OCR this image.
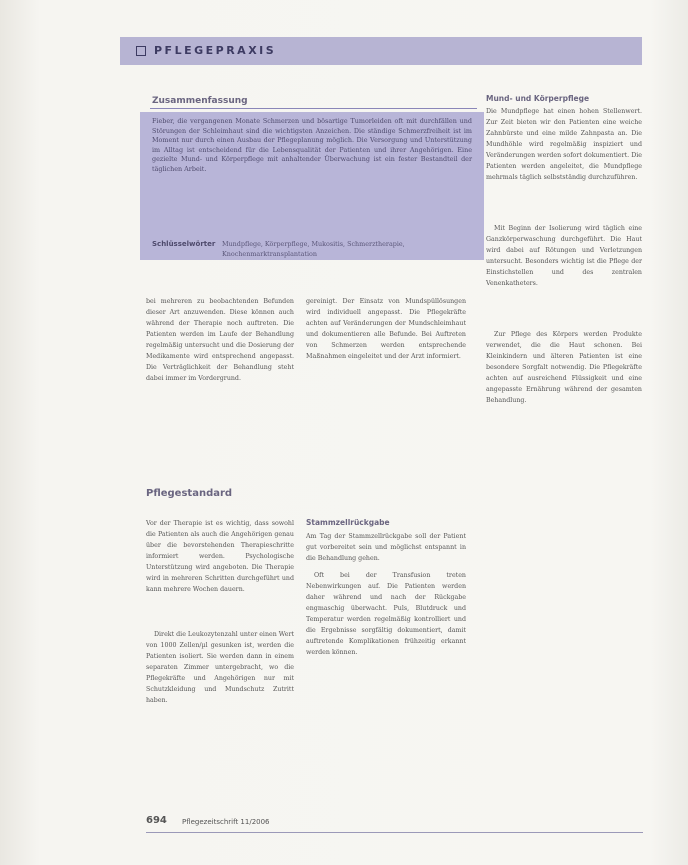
PFLEGEPRAXIS
Zusammenfassung

Fieber, die vergangenen Monate Schmerzen und bösartige Tumorleiden oft mit durchfällen und Störungen der Schleimhaut sind die wichtigsten Anzeichen. Die ständige Schmerzfreiheit ist im Moment nur durch einen Ausbau der Pflegeplanung möglich. Die Versorgung und Unterstützung im Alltag ist entscheidend für die Lebensqualität der Patienten und ihrer Angehörigen. Eine gezielte Mund- und Körperpflege mit anhaltender Überwachung ist ein fester Bestandteil der täglichen Arbeit.

Schlüsselwörter Mundpflege, Körperpflege, Mukositis, Schmerztherapie, Knochenmarktransplantation

bei mehreren zu beobachtenden Befunden dieser Art anzuwenden. Diese können auch während der Therapie noch auftreten. Die Patienten werden im Laufe der Behandlung regelmäßig untersucht und die Dosierung der Medikamente wird entsprechend angepasst. Die Verträglichkeit der Behandlung steht dabei immer im Vordergrund.

Pflegestandard

Vor der Therapie ist es wichtig, dass sowohl die Patienten als auch die Angehörigen genau über die bevorstehenden Therapieschritte informiert werden. Psychologische Unterstützung wird angeboten. Die Therapie wird in mehreren Schritten durchgeführt und kann mehrere Wochen dauern.

Direkt die Leukozytenzahl unter einen Wert von 1000 Zellen/µl gesunken ist, werden die Patienten isoliert. Sie werden dann in einem separaten Zimmer untergebracht, wo die Pflegekräfte und Angehörigen nur mit Schutzkleidung und Mundschutz Zutritt haben.

gereinigt. Der Einsatz von Mundspüllösungen wird individuell angepasst. Die Pflegekräfte achten auf Veränderungen der Mundschleimhaut und dokumentieren alle Befunde. Bei Auftreten von Schmerzen werden entsprechende Maßnahmen eingeleitet und der Arzt informiert.

Stammzellrückgabe

Am Tag der Stammzellrückgabe soll der Patient gut vorbereitet sein und möglichst entspannt in die Behandlung gehen.

Oft bei der Transfusion treten Nebenwirkungen auf. Die Patienten werden daher während und nach der Rückgabe engmaschig überwacht. Puls, Blutdruck und Temperatur werden regelmäßig kontrolliert und die Ergebnisse sorgfältig dokumentiert, damit auftretende Komplikationen frühzeitig erkannt werden können.

Mund- und Körperpflege

Die Mundpflege hat einen hohen Stellenwert. Zur Zeit bieten wir den Patienten eine weiche Zahnbürste und eine milde Zahnpasta an. Die Mundhöhle wird regelmäßig inspiziert und Veränderungen werden sofort dokumentiert. Die Patienten werden angeleitet, die Mundpflege mehrmals täglich selbstständig durchzuführen.

Mit Beginn der Isolierung wird täglich eine Ganzkörperwaschung durchgeführt. Die Haut wird dabei auf Rötungen und Verletzungen untersucht. Besonders wichtig ist die Pflege der Einstichstellen und des zentralen Venenkatheters.

Zur Pflege des Körpers werden Produkte verwendet, die die Haut schonen. Bei Kleinkindern und älteren Patienten ist eine besondere Sorgfalt notwendig. Die Pflegekräfte achten auf ausreichend Flüssigkeit und eine angepasste Ernährung während der gesamten Behandlung.

694 Pflegezeitschrift 11/2006
